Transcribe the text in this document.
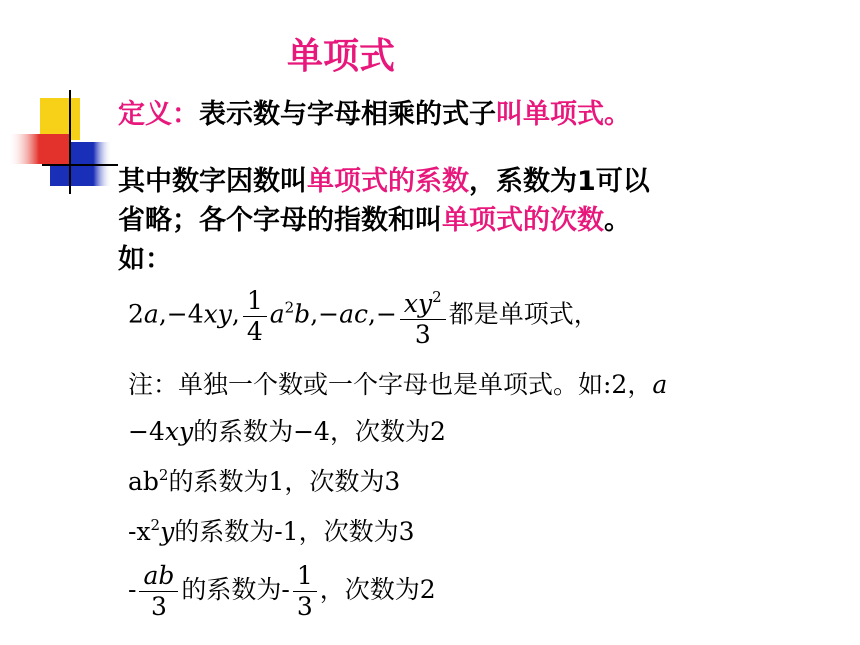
单项式
定义：表示数与字母相乘的式子叫单项式。
其中数字因数叫单项式的系数，系数为1可以
省略；各个字母的指数和叫单项式的次数。
如：
2a,−4xy, $\frac{1}{4} a^2b,-ac,- \frac{xy^2}{3}$ 都是单项式，
注：单独一个数或一个字母也是单项式。如:2，a
−4xy的系数为−4，次数为2
$ab^2$的系数为1，次数为3
$-x^2y$的系数为-1，次数为3
- $\frac{ab}{3}$ 的系数为- $\frac{1}{3}$ ，次数为2
